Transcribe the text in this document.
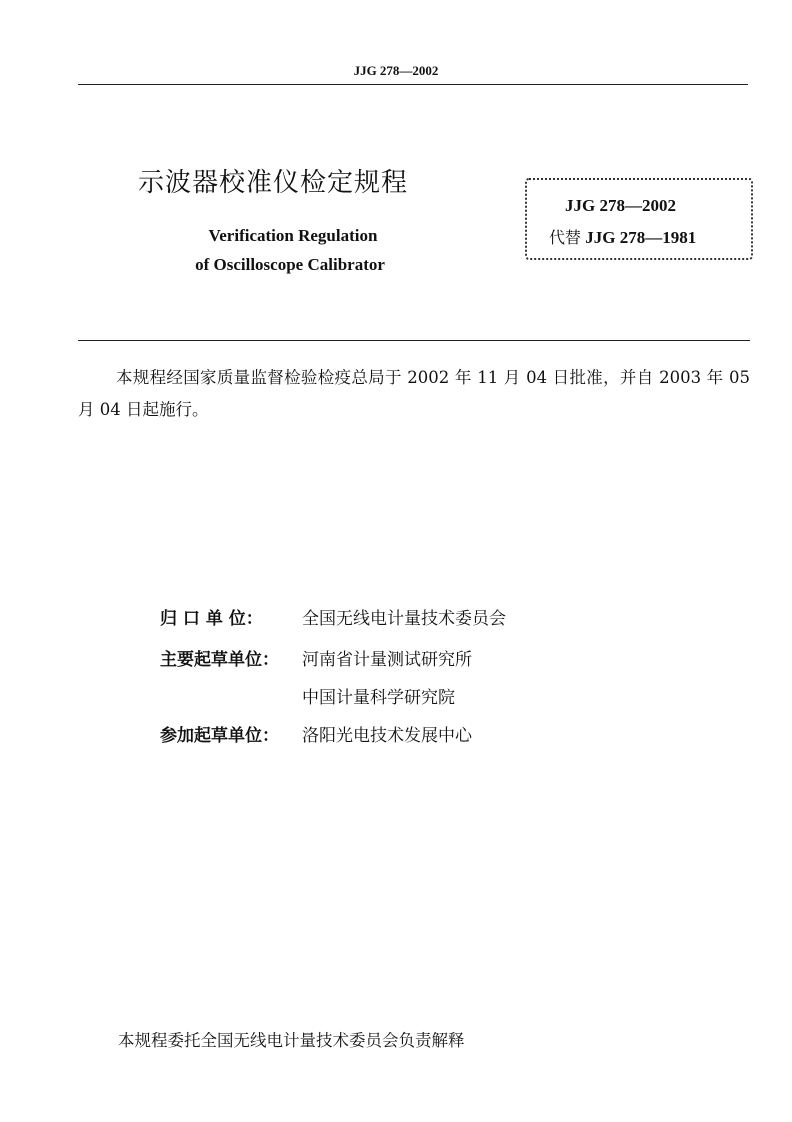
JJG 278—2002
示波器校准仪检定规程
Verification Regulation
of Oscilloscope Calibrator
JJG 278—2002
代替 JJG 278—1981
本规程经国家质量监督检验检疫总局于 2002 年 11 月 04 日批准，并自 2003 年 05 月 04 日起施行。
归 口 单 位： 全国无线电计量技术委员会
主要起草单位： 河南省计量测试研究所
中国计量科学研究院
参加起草单位： 洛阳光电技术发展中心
本规程委托全国无线电计量技术委员会负责解释
